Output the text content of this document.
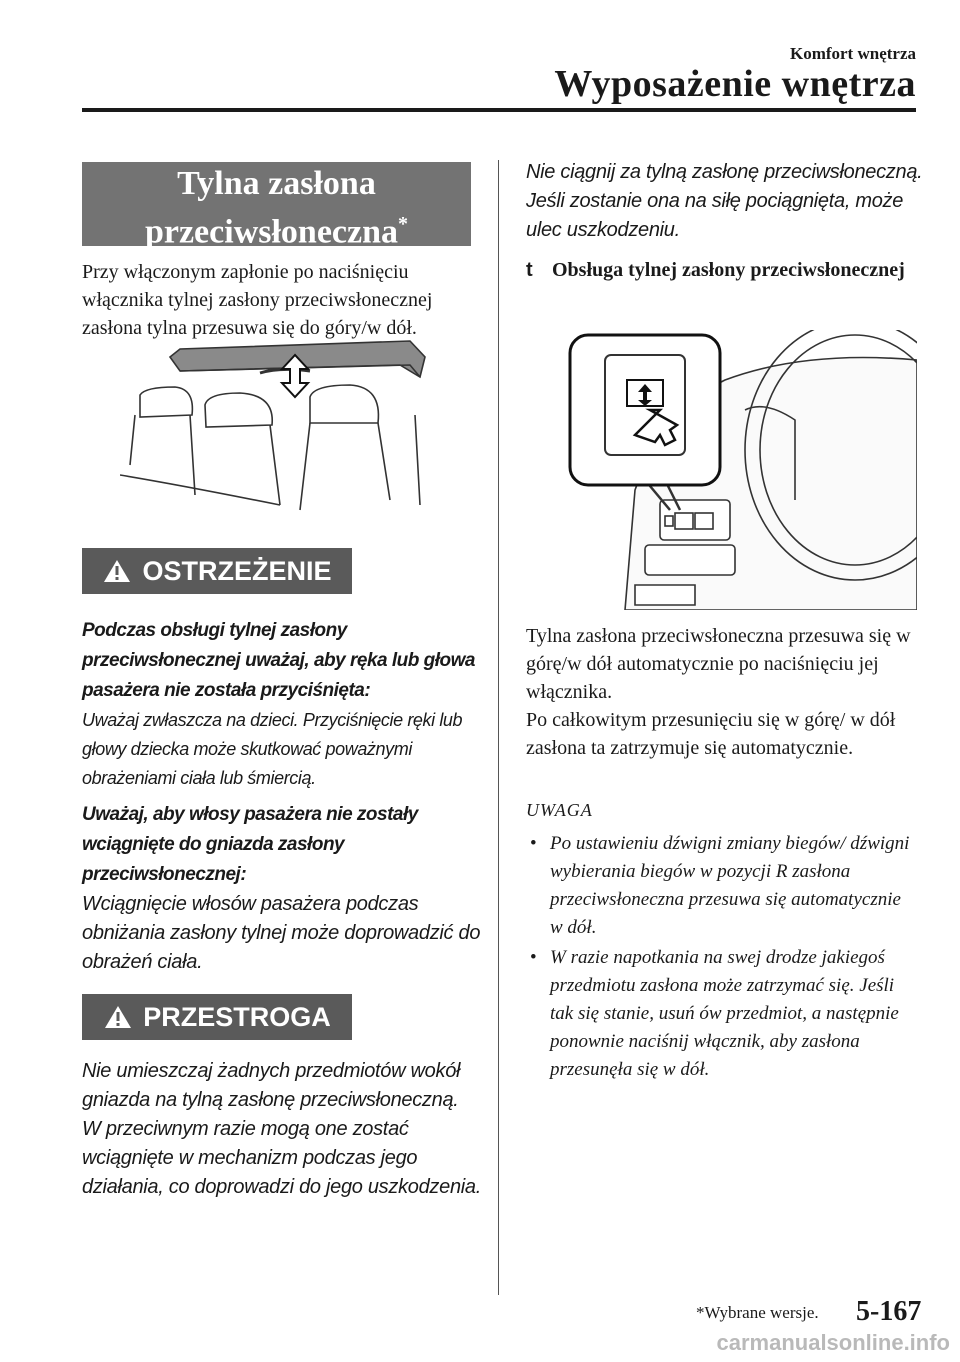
Komfort wnętrza
Wyposażenie wnętrza
Tylna zasłona
przeciwsłoneczna*
Przy włączonym zapłonie po naciśnięciu włącznika tylnej zasłony przeciwsłonecznej zasłona tylna przesuwa się do góry/w dół.
OSTRZEŻENIE
Podczas obsługi tylnej zasłony przeciwsłonecznej uważaj, aby ręka lub głowa pasażera nie została przyciśnięta:
Uważaj zwłaszcza na dzieci. Przyciśnięcie ręki lub głowy dziecka może skutkować poważnymi obrażeniami ciała lub śmiercią.
Uważaj, aby włosy pasażera nie zostały wciągnięte do gniazda zasłony przeciwsłonecznej:
Wciągnięcie włosów pasażera podczas obniżania zasłony tylnej może doprowadzić do obrażeń ciała.
PRZESTROGA
Nie umieszczaj żadnych przedmiotów wokół gniazda na tylną zasłonę przeciwsłoneczną. W przeciwnym razie mogą one zostać wciągnięte w mechanizm podczas jego działania, co doprowadzi do jego uszkodzenia.
Nie ciągnij za tylną zasłonę przeciwsłoneczną. Jeśli zostanie ona na siłę pociągnięta, może ulec uszkodzeniu.
t Obsługa tylnej zasłony przeciwsłonecznej
Tylna zasłona przeciwsłoneczna przesuwa się w górę/w dół automatycznie po naciśnięciu jej włącznika.
Po całkowitym przesunięciu się w górę/ w dół zasłona ta zatrzymuje się automatycznie.
UWAGA
• Po ustawieniu dźwigni zmiany biegów/ dźwigni wybierania biegów w pozycji R zasłona przeciwsłoneczna przesuwa się automatycznie w dół.
• W razie napotkania na swej drodze jakiegoś przedmiotu zasłona może zatrzymać się. Jeśli tak się stanie, usuń ów przedmiot, a następnie ponownie naciśnij włącznik, aby zasłona przesunęła się w dół.
*Wybrane wersje. 5-167
carmanualsonline.info
